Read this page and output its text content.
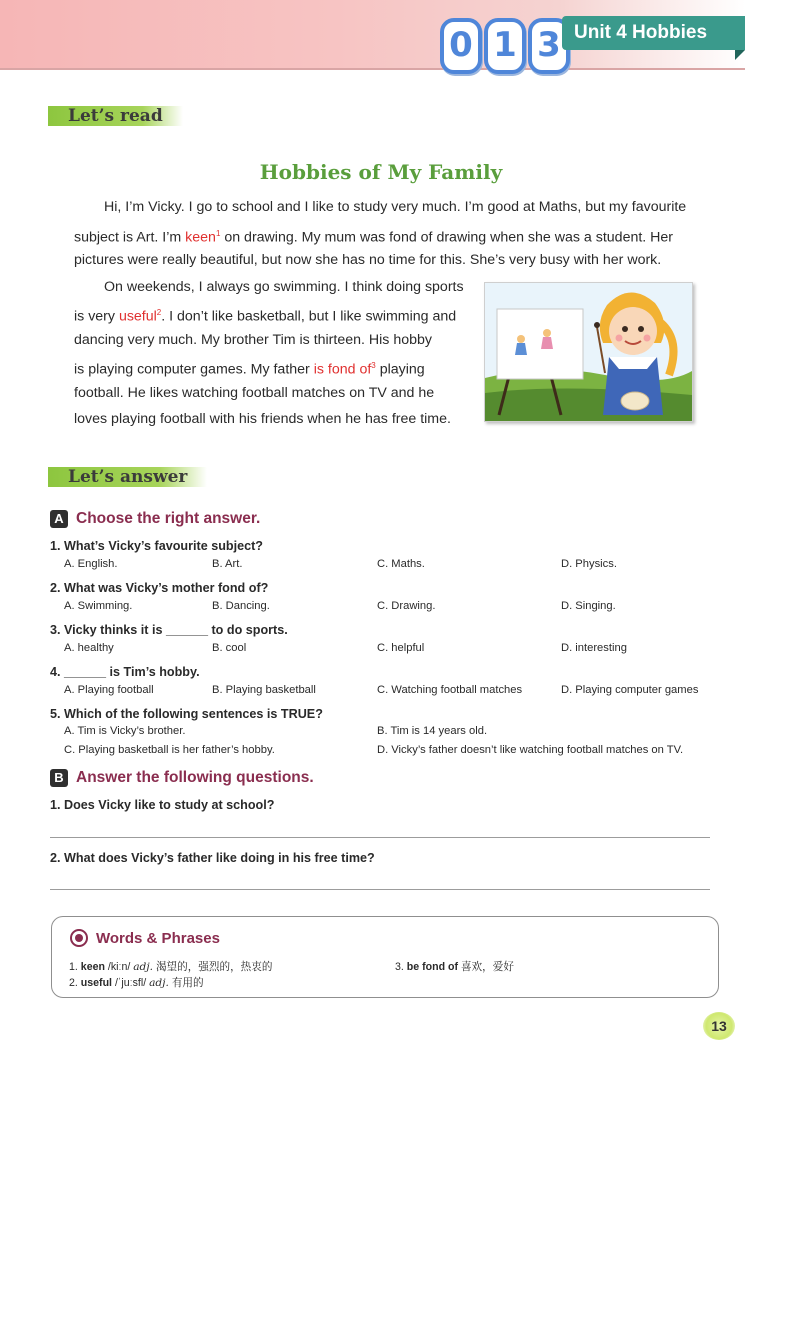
0 1 3 Unit 4 Hobbies
Let’s read
Hobbies of My Family
Hi, I’m Vicky. I go to school and I like to study very much. I’m good at Maths, but my favourite
subject is Art. I’m keen$^1$ on drawing. My mum was fond of drawing when she was a student. Her
pictures were really beautiful, but now she has no time for this. She’s very busy with her work.
On weekends, I always go swimming. I think doing sports
is very useful$^2$. I don’t like basketball, but I like swimming and
dancing very much. My brother Tim is thirteen. His hobby
is playing computer games. My father is fond $of^3$ playing
football. He likes watching football matches on TV and he
loves playing football with his friends when he has free time.
Let’s answer
A Choose the right answer.
1. What’s Vicky’s favourite subject?
A. English.	B. Art.	C. Maths.	D. Physics.
2. What was Vicky’s mother fond of?
A. Swimming.	B. Dancing.	C. Drawing.	D. Singing.
3. Vicky thinks it is ______ to do sports.
A. healthy	B. cool	C. helpful	D. interesting
4. ______ is Tim’s hobby.
A. Playing football	B. Playing basketball	C. Watching football matches	D. Playing computer games
5. Which of the following sentences is TRUE?
A. Tim is Vicky’s brother.	B. Tim is 14 years old.
C. Playing basketball is her father’s hobby.	D. Vicky’s father doesn’t like watching football matches on TV.
B Answer the following questions.
1. Does Vicky like to study at school?
2. What does Vicky’s father like doing in his free time?
Words & Phrases
1. keen /kiːn/ adj. 渴望的，强烈的，热衷的
2. useful /ˈjuːsfl/ adj. 有用的
3. be fond of 喜欢，爱好
13
